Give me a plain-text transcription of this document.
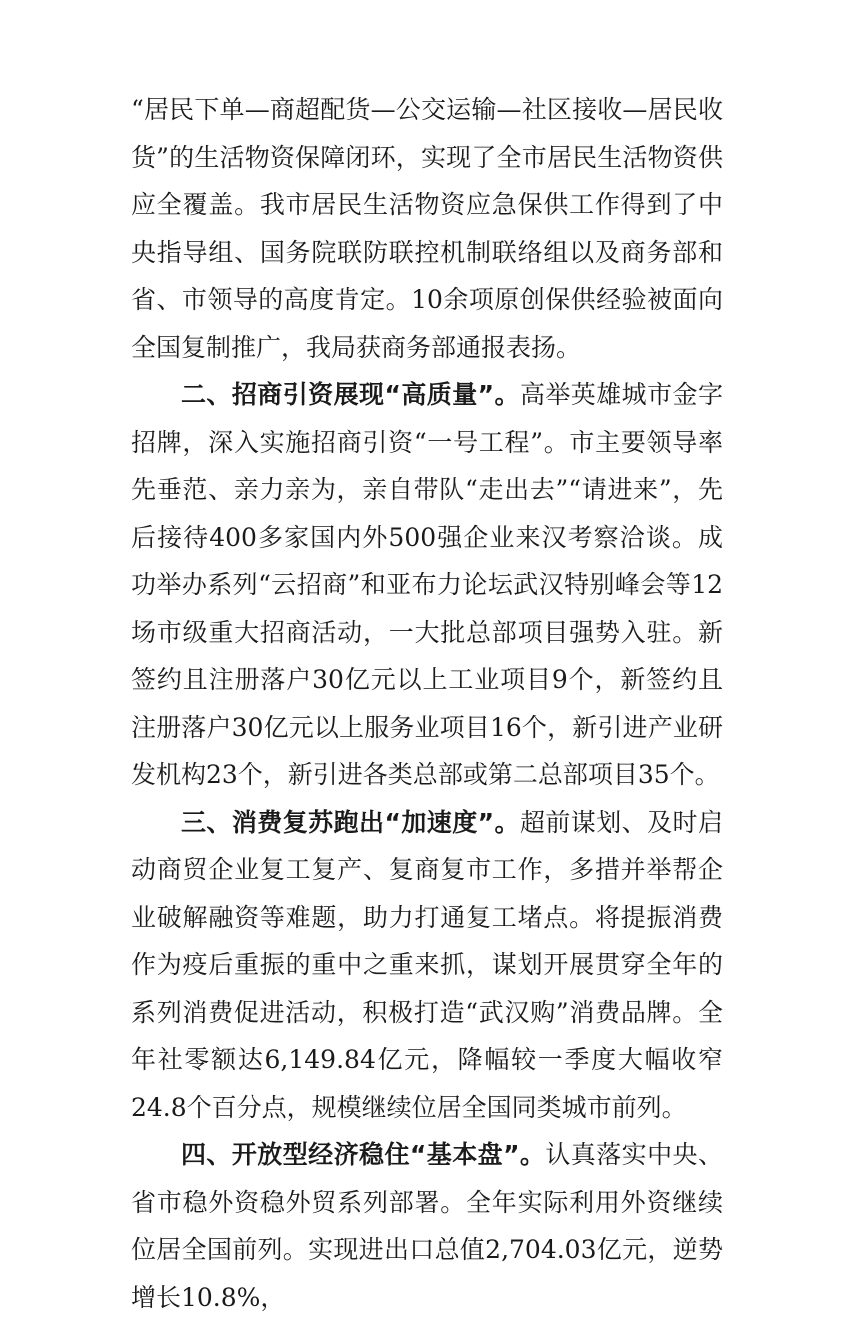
“居民下单—商超配货—公交运输—社区接收—居民收货”的生活物资保障闭环，实现了全市居民生活物资供应全覆盖。我市居民生活物资应急保供工作得到了中央指导组、国务院联防联控机制联络组以及商务部和省、市领导的高度肯定。10余项原创保供经验被面向全国复制推广，我局获商务部通报表扬。

二、招商引资展现“高质量”。高举英雄城市金字招牌，深入实施招商引资“一号工程”。市主要领导率先垂范、亲力亲为，亲自带队“走出去”“请进来”，先后接待400多家国内外500强企业来汉考察洽谈。成功举办系列“云招商”和亚布力论坛武汉特别峰会等12场市级重大招商活动，一大批总部项目强势入驻。新签约且注册落户30亿元以上工业项目9个，新签约且注册落户30亿元以上服务业项目16个，新引进产业研发机构23个，新引进各类总部或第二总部项目35个。

三、消费复苏跑出“加速度”。超前谋划、及时启动商贸企业复工复产、复商复市工作，多措并举帮企业破解融资等难题，助力打通复工堵点。将提振消费作为疫后重振的重中之重来抓，谋划开展贯穿全年的系列消费促进活动，积极打造“武汉购”消费品牌。全年社零额达6,149.84亿元，降幅较一季度大幅收窄24.8个百分点，规模继续位居全国同类城市前列。

四、开放型经济稳住“基本盘”。认真落实中央、省市稳外资稳外贸系列部署。全年实际利用外资继续位居全国前列。实现进出口总值2,704.03亿元，逆势增长10.8%，
